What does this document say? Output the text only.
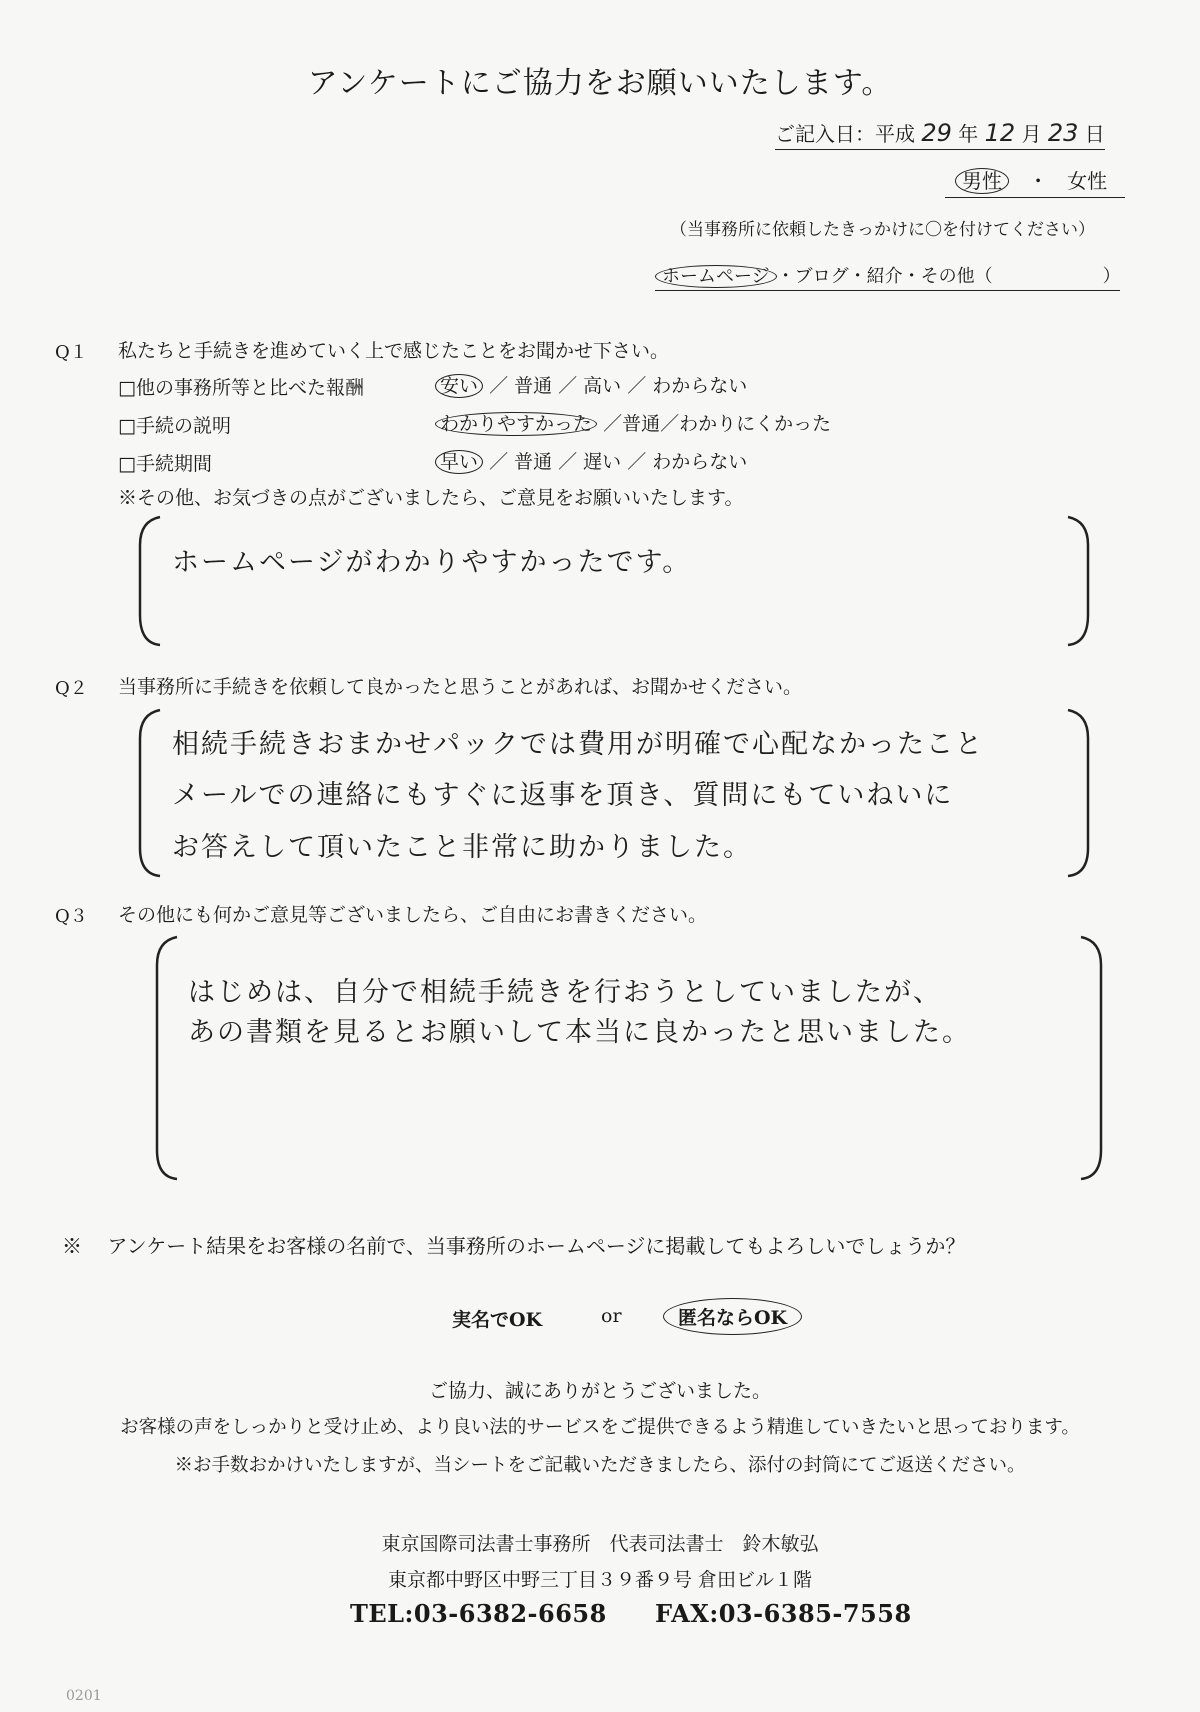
アンケートにご協力をお願いいたします。
ご記入日：平成 29 年 12 月 23 日
男性 ・ 女性
（当事務所に依頼したきっかけに〇を付けてください）
ホームページ ・ブログ・紹介・その他（	）
Q１ 私たちと手続きを進めていく上で感じたことをお聞かせ下さい。
□他の事務所等と比べた報酬	安い ／ 普通 ／ 高い ／ わからない
□手続の説明	わかりやすかった ／普通／わかりにくかった
□手続期間	早い ／ 普通 ／ 遅い ／ わからない
※その他、お気づきの点がございましたら、ご意見をお願いいたします。
ホームページがわかりやすかったです。
Q２ 当事務所に手続きを依頼して良かったと思うことがあれば、お聞かせください。
相続手続きおまかせパックでは費用が明確で心配なかったこと
メールでの連絡にもすぐに返事を頂き、質問にもていねいに
お答えして頂いたこと非常に助かりました。
Q３ その他にも何かご意見等ございましたら、ご自由にお書きください。
はじめは、自分で相続手続きを行おうとしていましたが、
あの書類を見るとお願いして本当に良かったと思いました。
※ アンケート結果をお客様の名前で、当事務所のホームページに掲載してもよろしいでしょうか？
実名でOK	or	匿名ならOK
ご協力、誠にありがとうございました。
お客様の声をしっかりと受け止め、より良い法的サービスをご提供できるよう精進していきたいと思っております。
※お手数おかけいたしますが、当シートをご記載いただきましたら、添付の封筒にてご返送ください。
東京国際司法書士事務所　代表司法書士　鈴木敏弘
東京都中野区中野三丁目３９番９号 倉田ビル１階
TEL:03-6382-6658 FAX:03-6385-7558
0201
